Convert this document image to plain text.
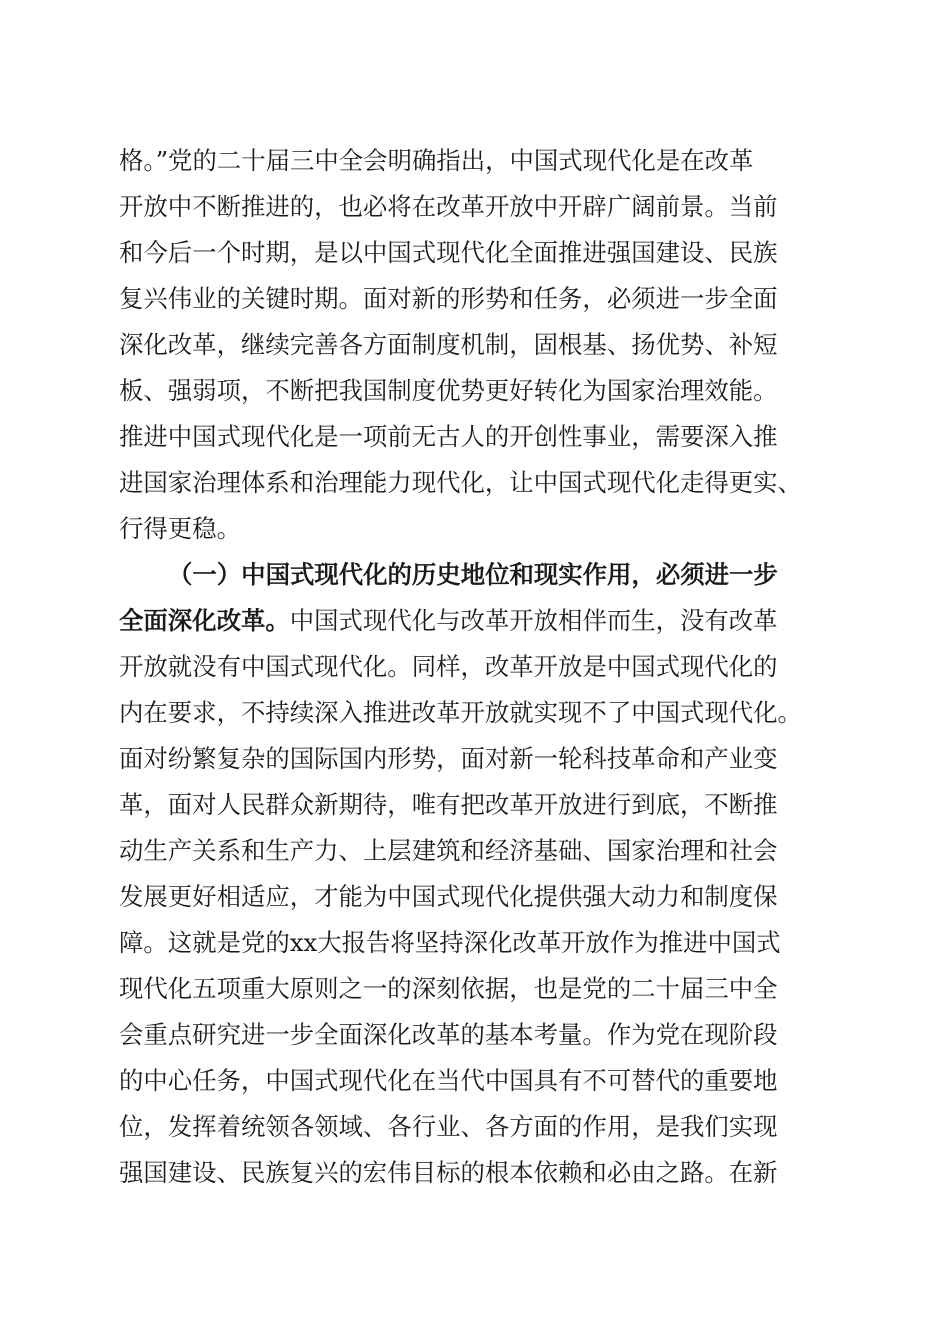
格。”党的二十届三中全会明确指出，中国式现代化是在改革
开放中不断推进的，也必将在改革开放中开辟广阔前景。当前
和今后一个时期，是以中国式现代化全面推进强国建设、民族
复兴伟业的关键时期。面对新的形势和任务，必须进一步全面
深化改革，继续完善各方面制度机制，固根基、扬优势、补短
板、强弱项，不断把我国制度优势更好转化为国家治理效能。
推进中国式现代化是一项前无古人的开创性事业，需要深入推
进国家治理体系和治理能力现代化，让中国式现代化走得更实、
行得更稳。
（一）中国式现代化的历史地位和现实作用，必须进一步
全面深化改革。中国式现代化与改革开放相伴而生，没有改革
开放就没有中国式现代化。同样，改革开放是中国式现代化的
内在要求，不持续深入推进改革开放就实现不了中国式现代化。
面对纷繁复杂的国际国内形势，面对新一轮科技革命和产业变
革，面对人民群众新期待，唯有把改革开放进行到底，不断推
动生产关系和生产力、上层建筑和经济基础、国家治理和社会
发展更好相适应，才能为中国式现代化提供强大动力和制度保
障。这就是党的xx大报告将坚持深化改革开放作为推进中国式
现代化五项重大原则之一的深刻依据，也是党的二十届三中全
会重点研究进一步全面深化改革的基本考量。作为党在现阶段
的中心任务，中国式现代化在当代中国具有不可替代的重要地
位，发挥着统领各领域、各行业、各方面的作用，是我们实现
强国建设、民族复兴的宏伟目标的根本依赖和必由之路。在新
